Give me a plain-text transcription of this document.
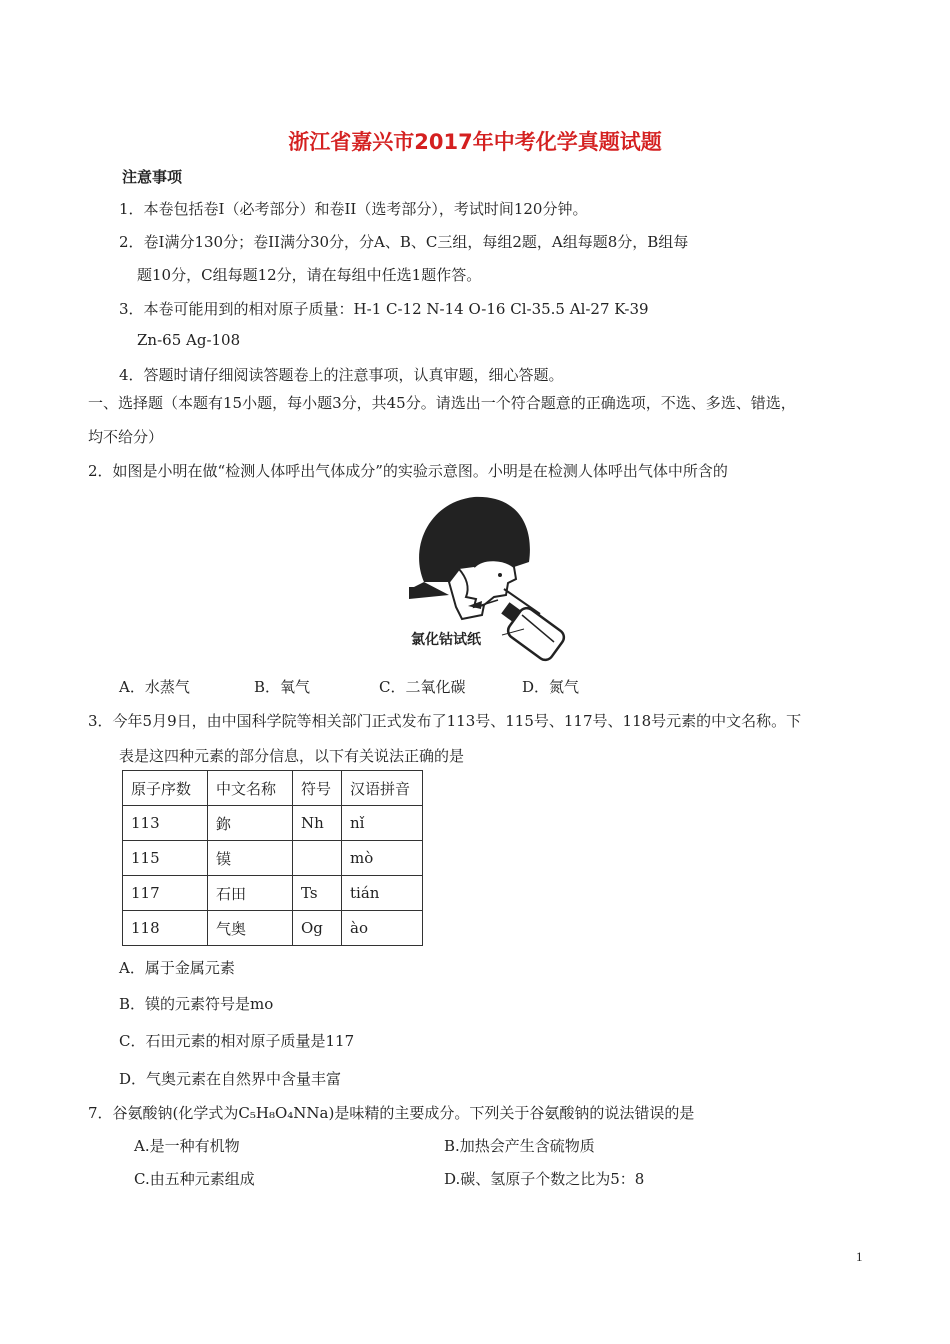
浙江省嘉兴市2017年中考化学真题试题
注意事项
1．本卷包括卷I（必考部分）和卷II（选考部分），考试时间120分钟。
2．卷I满分130分；卷II满分30分，分A、B、C三组，每组2题，A组每题8分，B组每
题10分，C组每题12分，请在每组中任选1题作答。
3．本卷可能用到的相对原子质量：H-1 C-12 N-14 O-16 Cl-35.5 Al-27 K-39
Zn-65 Ag-108
4．答题时请仔细阅读答题卷上的注意事项，认真审题，细心答题。
一、选择题（本题有15小题，每小题3分，共45分。请选出一个符合题意的正确选项，不选、多选、错选，
均不给分）
2．如图是小明在做“检测人体呼出气体成分”的实验示意图。小明是在检测人体呼出气体中所含的
氯化钴试纸
A．水蒸气	B．氧气	C．二氧化碳	D．氮气
3．今年5月9日，由中国科学院等相关部门正式发布了113号、115号、117号、118号元素的中文名称。下
表是这四种元素的部分信息，以下有关说法正确的是
原子序数	中文名称	符号	汉语拼音
113	鉨	Nh	nǐ
115	镆		mò
117	石田	Ts	tián
118	气奥	Og	ào
A．属于金属元素
B．镆的元素符号是mo
C．石田元素的相对原子质量是117
D．气奥元素在自然界中含量丰富
7．谷氨酸钠(化学式为C₅H₈O₄NNa)是味精的主要成分。下列关于谷氨酸钠的说法错误的是
A.是一种有机物	B.加热会产生含硫物质
C.由五种元素组成	D.碳、氢原子个数之比为5：8
1
